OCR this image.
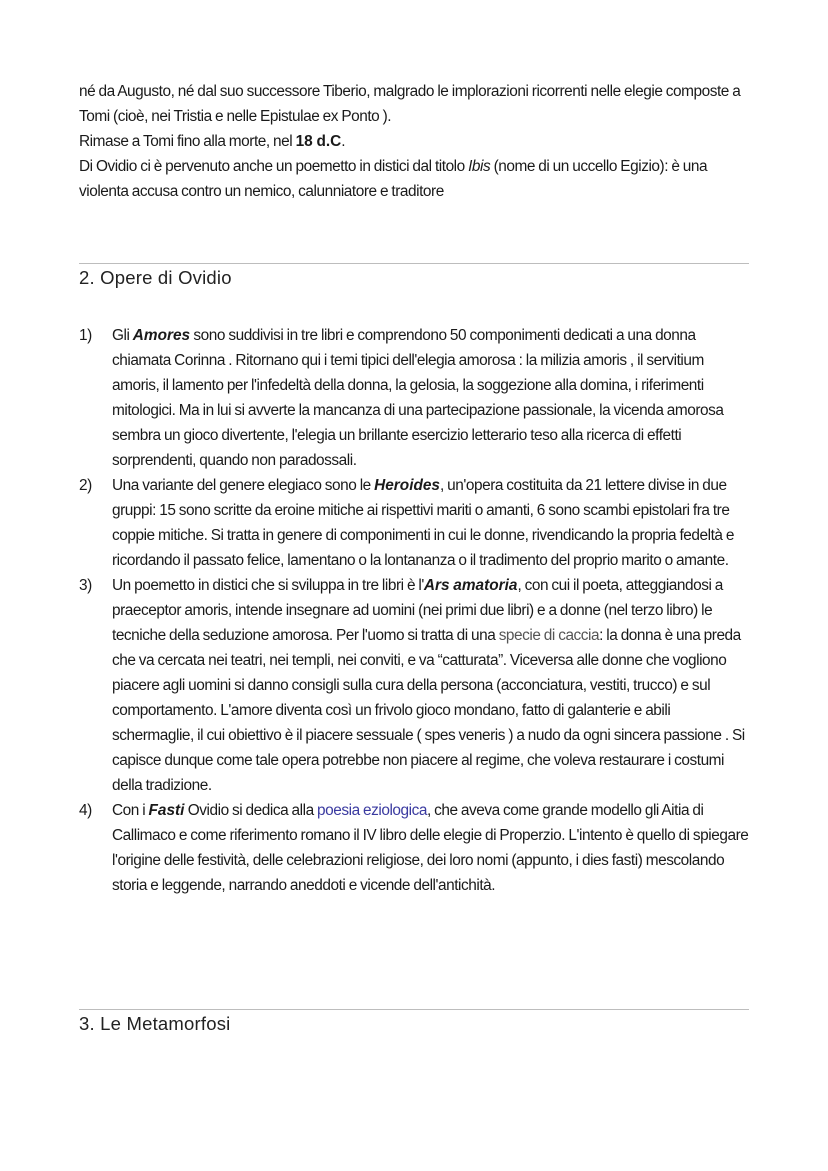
né da Augusto, né dal suo successore Tiberio, malgrado le implorazioni ricorrenti nelle elegie composte a Tomi (cioè, nei Tristia e nelle Epistulae ex Ponto ).

Rimase a Tomi fino alla morte, nel 18 d.C.

Di Ovidio ci è pervenuto anche un poemetto in distici dal titolo Ibis (nome di un uccello Egizio): è una violenta accusa contro un nemico, calunniatore e traditore

2. Opere di Ovidio
1) Gli Amores sono suddivisi in tre libri e comprendono 50 componimenti dedicati a una donna chiamata Corinna . Ritornano qui i temi tipici dell'elegia amorosa : la milizia amoris , il servitium amoris, il lamento per l'infedeltà della donna, la gelosia, la soggezione alla domina, i riferimenti mitologici. Ma in lui si avverte la mancanza di una partecipazione passionale, la vicenda amorosa sembra un gioco divertente, l'elegia un brillante esercizio letterario teso alla ricerca di effetti sorprendenti, quando non paradossali.
2) Una variante del genere elegiaco sono le Heroides, un'opera costituita da 21 lettere divise in due gruppi: 15 sono scritte da eroine mitiche ai rispettivi mariti o amanti, 6 sono scambi epistolari fra tre coppie mitiche. Si tratta in genere di componimenti in cui le donne, rivendicando la propria fedeltà e ricordando il passato felice, lamentano o la lontananza o il tradimento del proprio marito o amante.
3) Un poemetto in distici che si sviluppa in tre libri è l'Ars amatoria, con cui il poeta, atteggiandosi a praeceptor amoris, intende insegnare ad uomini (nei primi due libri) e a donne (nel terzo libro) le tecniche della seduzione amorosa. Per l'uomo si tratta di una specie di caccia: la donna è una preda che va cercata nei teatri, nei templi, nei conviti, e va “catturata”. Viceversa alle donne che vogliono piacere agli uomini si danno consigli sulla cura della persona (acconciatura, vestiti, trucco) e sul comportamento. L'amore diventa così un frivolo gioco mondano, fatto di galanterie e abili schermaglie, il cui obiettivo è il piacere sessuale ( spes veneris ) a nudo da ogni sincera passione . Si capisce dunque come tale opera potrebbe non piacere al regime, che voleva restaurare i costumi della tradizione.
4) Con i Fasti Ovidio si dedica alla poesia eziologica, che aveva come grande modello gli Aitia di Callimaco e come riferimento romano il IV libro delle elegie di Properzio. L'intento è quello di spiegare l'origine delle festività, delle celebrazioni religiose, dei loro nomi (appunto, i dies fasti) mescolando storia e leggende, narrando aneddoti e vicende dell'antichità.
3. Le Metamorfosi
